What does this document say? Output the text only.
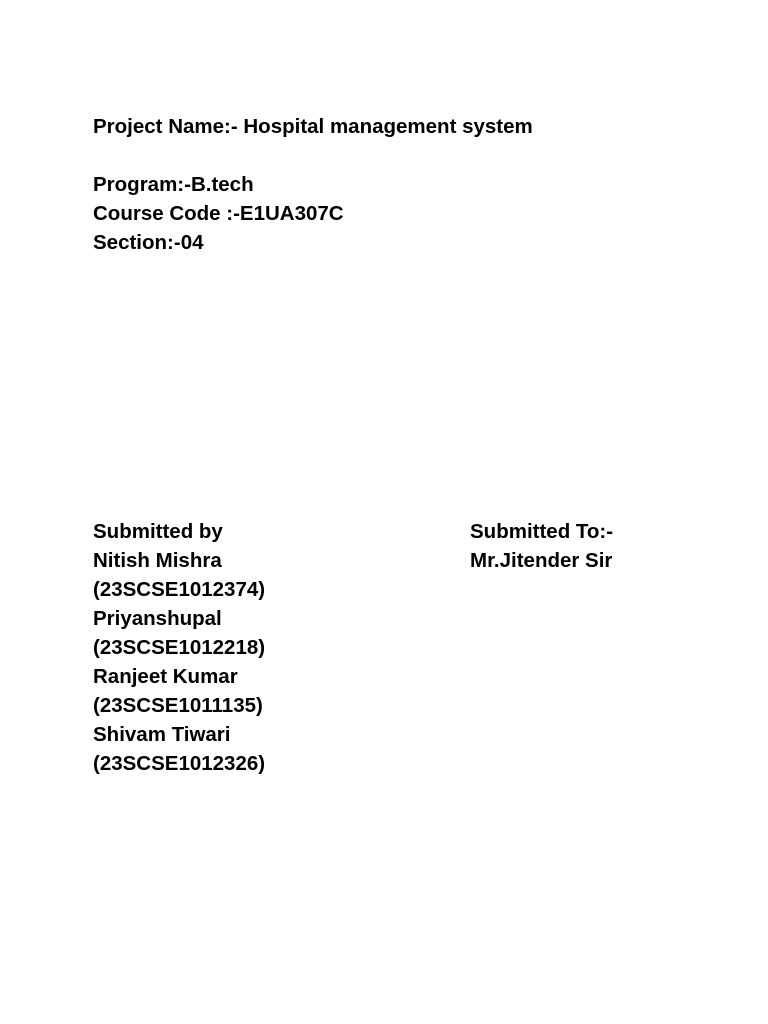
Project Name:- Hospital management system
Program:-B.tech
Course Code :-E1UA307C
Section:-04
Submitted by
Nitish Mishra
(23SCSE1012374)
Priyanshupal
(23SCSE1012218)
Ranjeet Kumar
(23SCSE1011135)
Shivam Tiwari
(23SCSE1012326)
Submitted To:-
Mr.Jitender Sir
